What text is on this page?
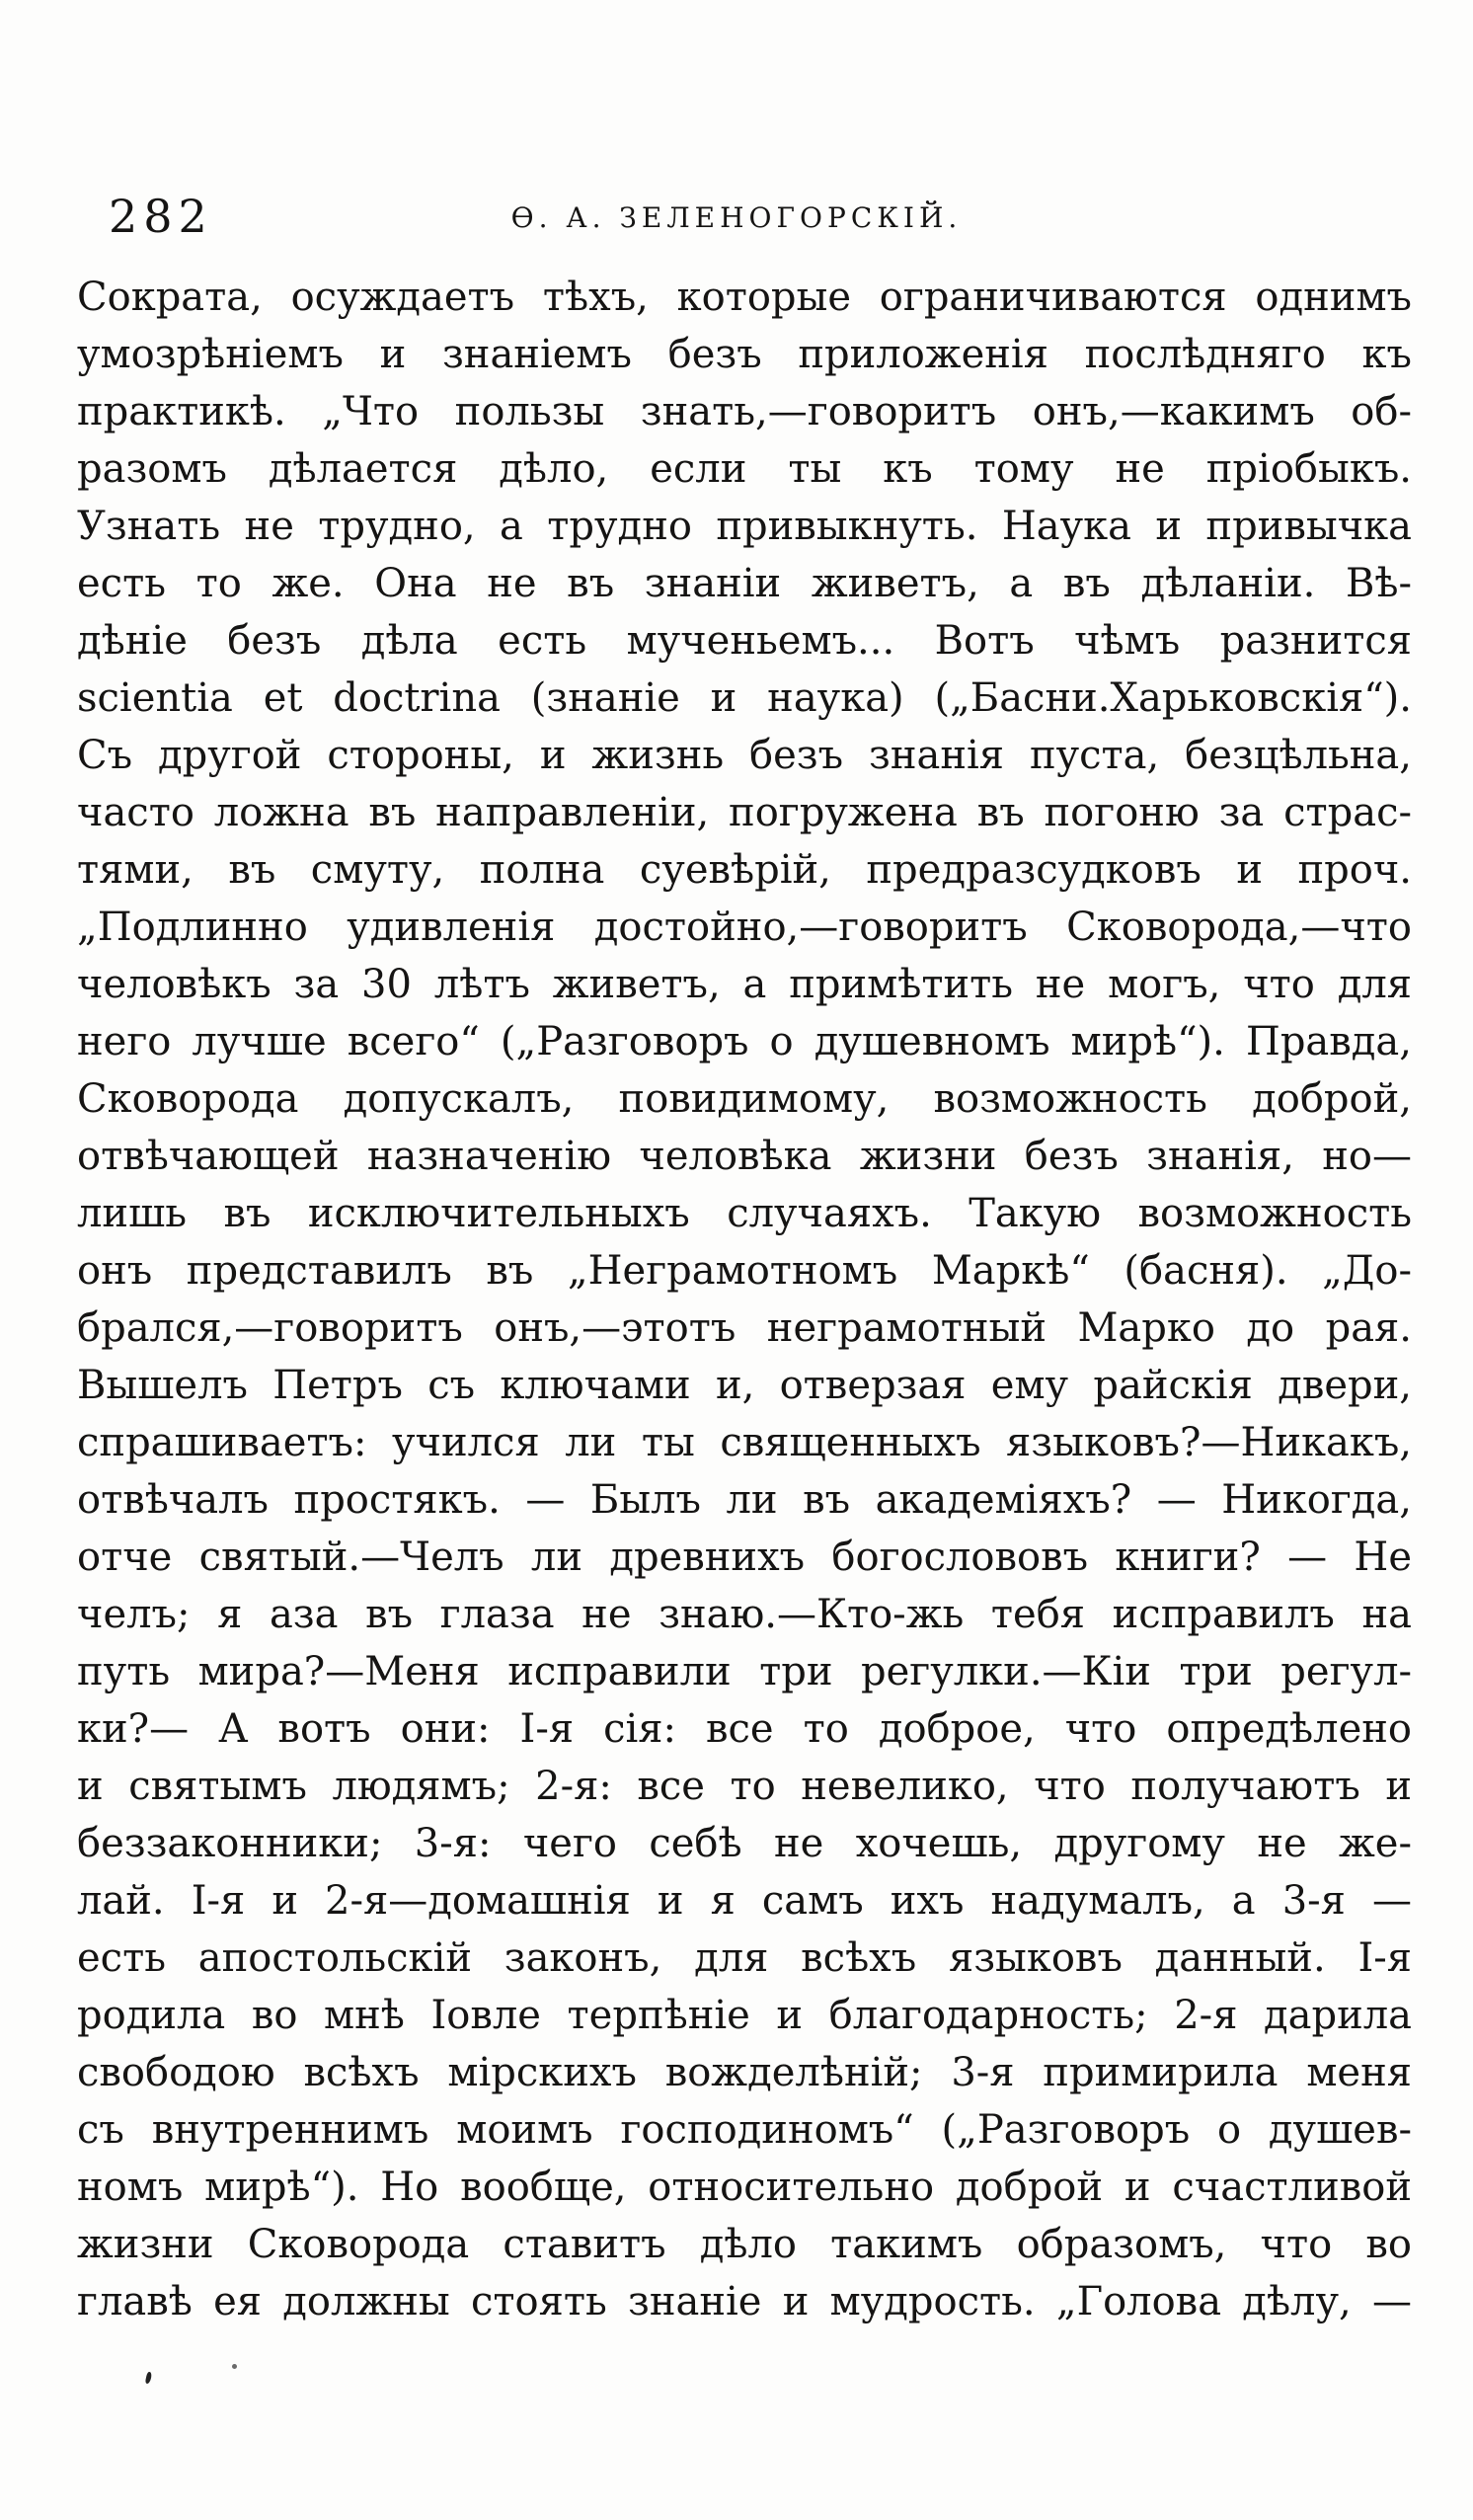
282	Ѳ. А. ЗЕЛЕНОГОРСКІЙ.
Сократа, осуждаетъ тѣхъ, которые ограничиваются однимъ
умозрѣніемъ и знаніемъ безъ приложенія послѣдняго къ
практикѣ. „Что пользы знать,—говоритъ онъ,—какимъ об-
разомъ дѣлается дѣло, если ты къ тому не пріобыкъ.
Узнать не трудно, а трудно привыкнуть. Наука и привычка
есть то же. Она не въ знаніи живетъ, а въ дѣланіи. Вѣ-
дѣніе безъ дѣла есть мученьемъ... Вотъ чѣмъ разнится
scientia et doctrina (знаніе и наука) („Басни.Харьковскія“).
Съ другой стороны, и жизнь безъ знанія пуста, безцѣльна,
часто ложна въ направленіи, погружена въ погоню за страс-
тями, въ смуту, полна суевѣрій, предразсудковъ и проч.
„Подлинно удивленія достойно,—говоритъ Сковорода,—что
человѣкъ за 30 лѣтъ живетъ, а примѣтить не могъ, что для
него лучше всего“ („Разговоръ о душевномъ мирѣ“). Правда,
Сковорода допускалъ, повидимому, возможность доброй,
отвѣчающей назначенію человѣка жизни безъ знанія, но—
лишь въ исключительныхъ случаяхъ. Такую возможность
онъ представилъ въ „Неграмотномъ Маркѣ“ (басня). „До-
брался,—говоритъ онъ,—этотъ неграмотный Марко до рая.
Вышелъ Петръ съ ключами и, отверзая ему райскія двери,
спрашиваетъ: учился ли ты священныхъ языковъ?—Никакъ,
отвѣчалъ простякъ. — Былъ ли въ академіяхъ? — Никогда,
отче святый.—Челъ ли древнихъ богослововъ книги? — Не
челъ; я аза въ глаза не знаю.—Кто-жь тебя исправилъ на
путь мира?—Меня исправили три регулки.—Кіи три регул-
ки?— А вотъ они: І-я сія: все то доброе, что опредѣлено
и святымъ людямъ; 2-я: все то невелико, что получаютъ и
беззаконники; 3-я: чего себѣ не хочешь, другому не же-
лай. І-я и 2-я—домашнія и я самъ ихъ надумалъ, а 3-я —
есть апостольскій законъ, для всѣхъ языковъ данный. І-я
родила во мнѣ Іовле терпѣніе и благодарность; 2-я дарила
свободою всѣхъ мірскихъ вожделѣній; 3-я примирила меня
съ внутреннимъ моимъ господиномъ“ („Разговоръ о душев-
номъ мирѣ“). Но вообще, относительно доброй и счастливой
жизни Сковорода ставитъ дѣло такимъ образомъ, что во
главѣ ея должны стоять знаніе и мудрость. „Голова дѣлу, —
